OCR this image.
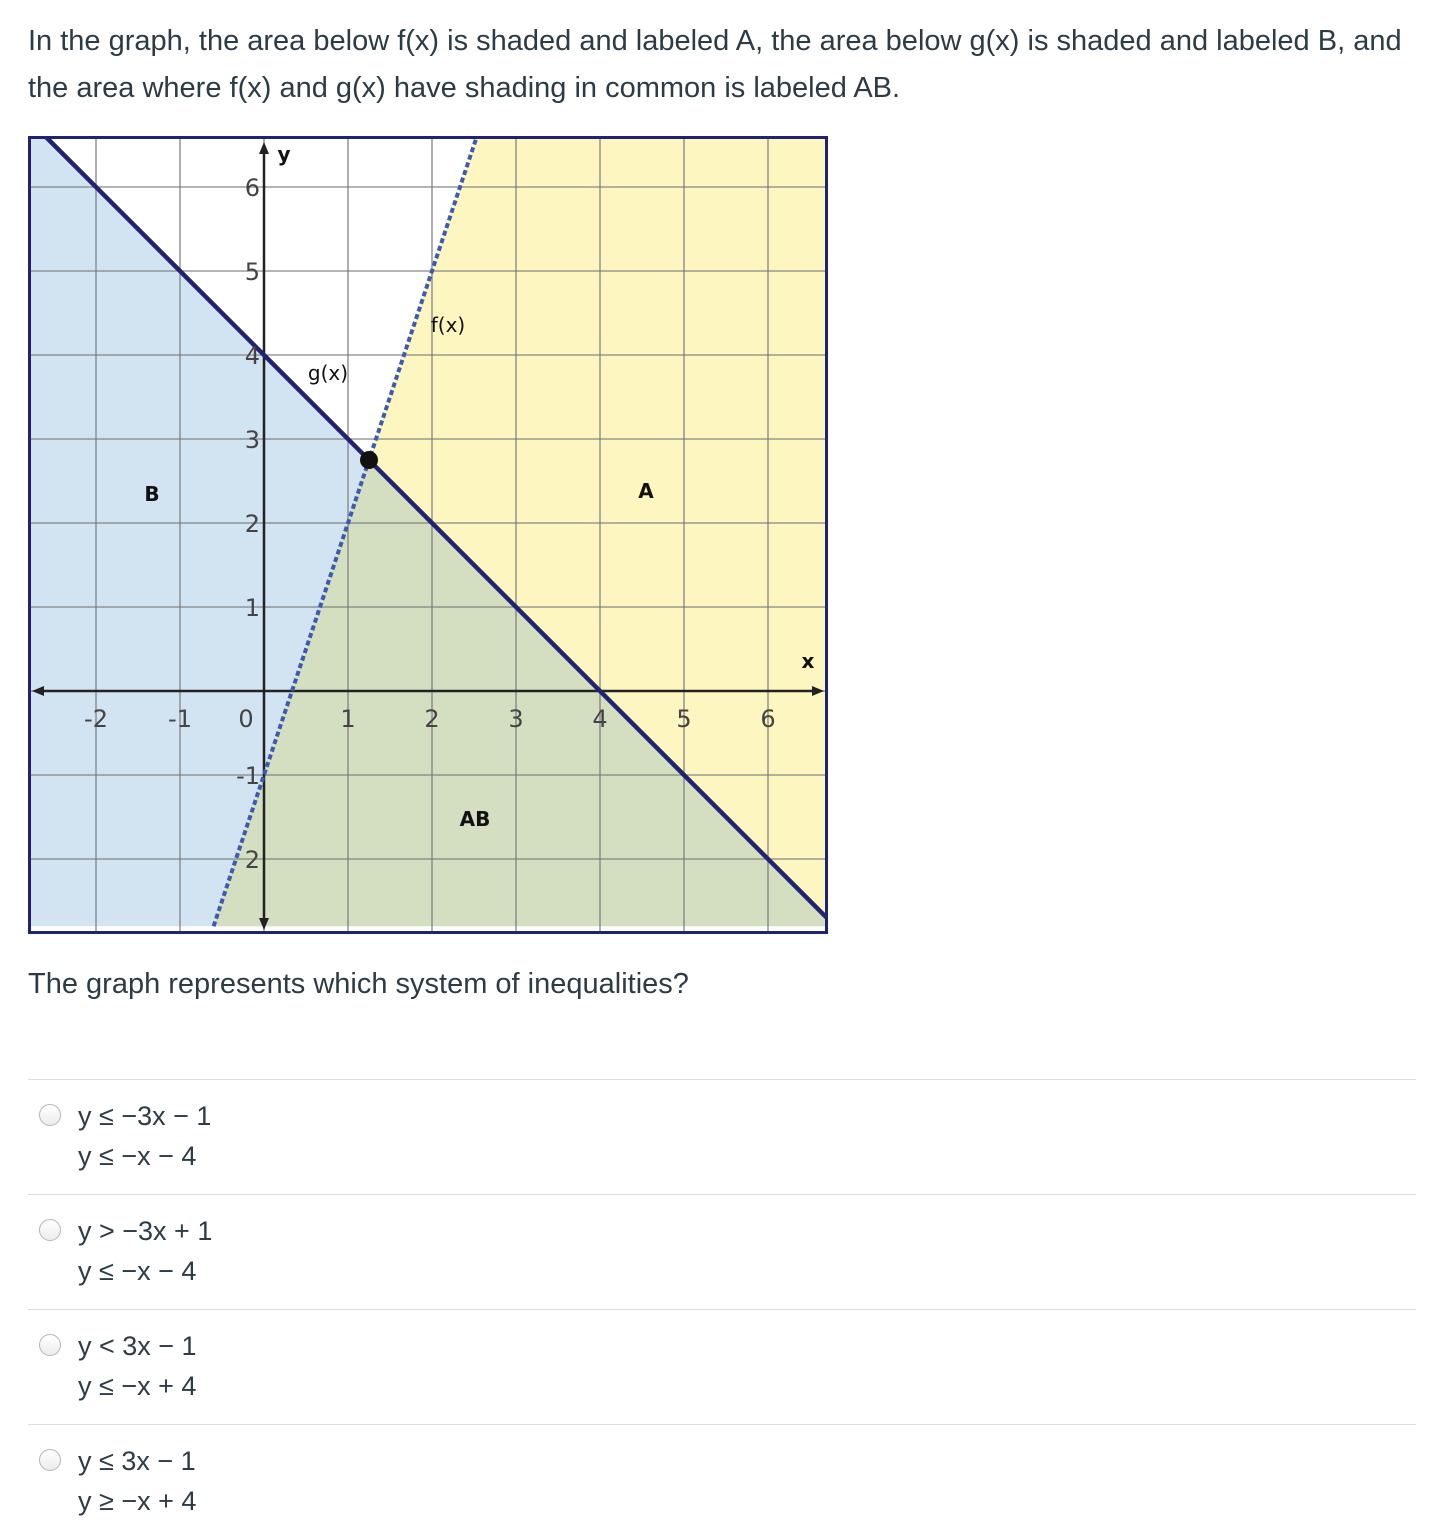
In the graph, the area below f(x) is shaded and labeled A, the area below g(x) is shaded and labeled B, and the area where f(x) and g(x) have shading in common is labeled AB.

-2	-1 0	1	2	3	4	5	6
6
5
4
3
2
1
-1
2
y
x
f(x)
g(x)
A
B
AB

The graph represents which system of inequalities?

y ≤ −3x − 1
y ≤ −x − 4
y > −3x + 1
y ≤ −x − 4
y < 3x − 1
y ≤ −x + 4
y ≤ 3x − 1
y ≥ −x + 4
